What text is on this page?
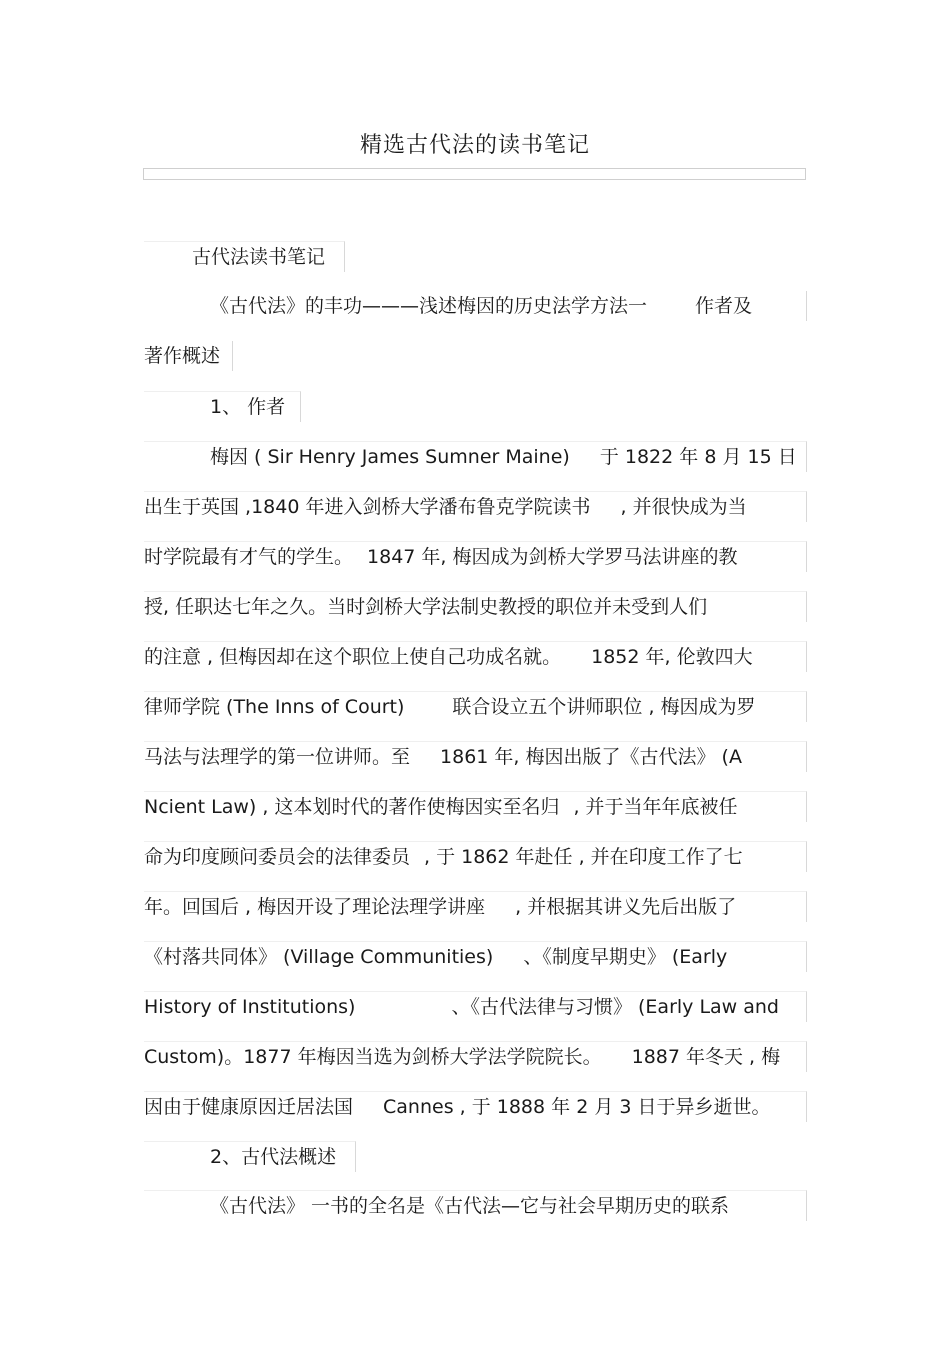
精选古代法的读书笔记
古代法读书笔记
《古代法》的丰功———浅述梅因的历史法学方法一	作者及
著作概述
1、 作者
梅因 ( Sir Henry James Sumner Maine) 于 1822 年 8 月 15 日
出生于英国 ,1840 年进入剑桥大学潘布鲁克学院读书 , 并很快成为当
时学院最有才气的学生。 1847 年, 梅因成为剑桥大学罗马法讲座的教
授, 任职达七年之久。当时剑桥大学法制史教授的职位并未受到人们
的注意 , 但梅因却在这个职位上使自己功成名就。 1852 年, 伦敦四大
律师学院 (The Inns of Court)	联合设立五个讲师职位 , 梅因成为罗
马法与法理学的第一位讲师。至 1861 年, 梅因出版了《古代法》 (A
Ncient Law) , 这本划时代的著作使梅因实至名归 , 并于当年年底被任
命为印度顾问委员会的法律委员 , 于 1862 年赴任 , 并在印度工作了七
年。回国后 , 梅因开设了理论法理学讲座 , 并根据其讲义先后出版了
《村落共同体》 (Village Communities) 、《制度早期史》 (Early
History of Institutions)	、《古代法律与习惯》 (Early Law and
Custom)。1877 年梅因当选为剑桥大学法学院院长。 1887 年冬天 , 梅
因由于健康原因迁居法国 Cannes , 于 1888 年 2 月 3 日于异乡逝世。
2、古代法概述
《古代法》 一书的全名是《古代法—它与社会早期历史的联系
